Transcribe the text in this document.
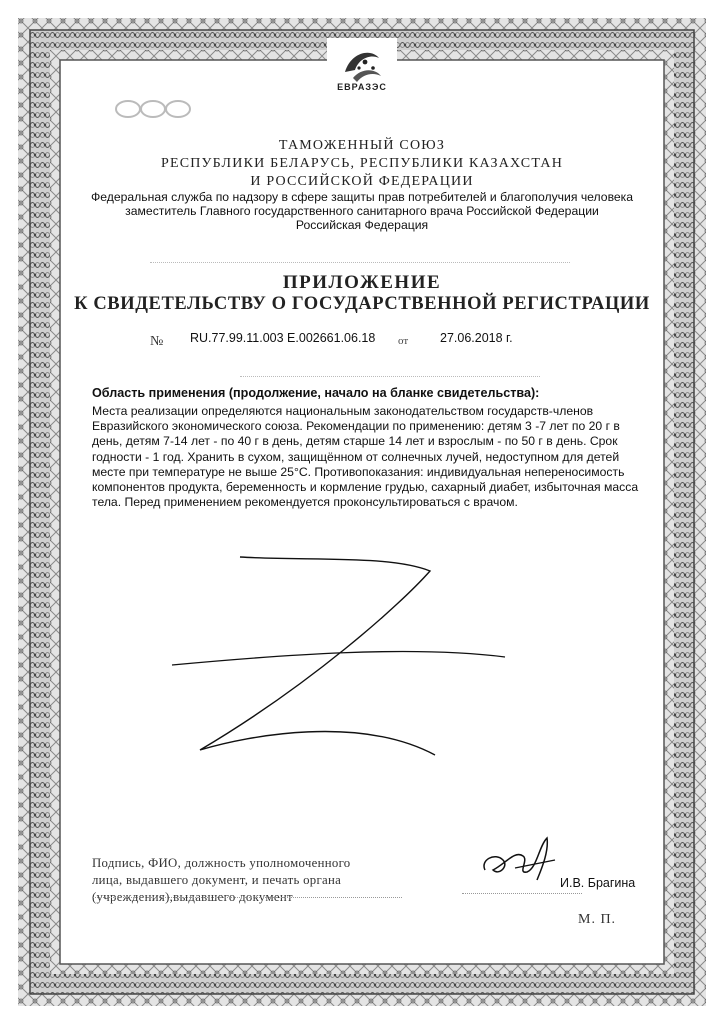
ЕВРАЗЭС
ТАМОЖЕННЫЙ СОЮЗ
РЕСПУБЛИКИ БЕЛАРУСЬ, РЕСПУБЛИКИ КАЗАХСТАН
И РОССИЙСКОЙ ФЕДЕРАЦИИ
Федеральная служба по надзору в сфере защиты прав потребителей и благополучия человека
заместитель Главного государственного санитарного врача Российской Федерации
Российская Федерация
ПРИЛОЖЕНИЕ
К СВИДЕТЕЛЬСТВУ О ГОСУДАРСТВЕННОЙ РЕГИСТРАЦИИ
№ RU.77.99.11.003 Е.002661.06.18 от	27.06.2018 г.
Область применения (продолжение, начало на бланке свидетельства):
Места реализации определяются национальным законодательством государств-членов
Евразийского экономического союза. Рекомендации по применению: детям 3 -7 лет по 20 г в
день, детям 7-14 лет - по 40 г в день, детям старше 14 лет и взрослым - по 50 г в день. Срок
годности - 1 год. Хранить в сухом, защищённом от солнечных лучей, недоступном для детей
месте при температуре не выше 25°С. Противопоказания: индивидуальная непереносимость
компонентов продукта, беременность и кормление грудью, сахарный диабет, избыточная масса
тела. Перед применением рекомендуется проконсультироваться с врачом.
Подпись, ФИО, должность уполномоченного
лица, выдавшего документ, и печать органа
(учреждения),выдавшего документ
И.В. Брагина
М. П.
